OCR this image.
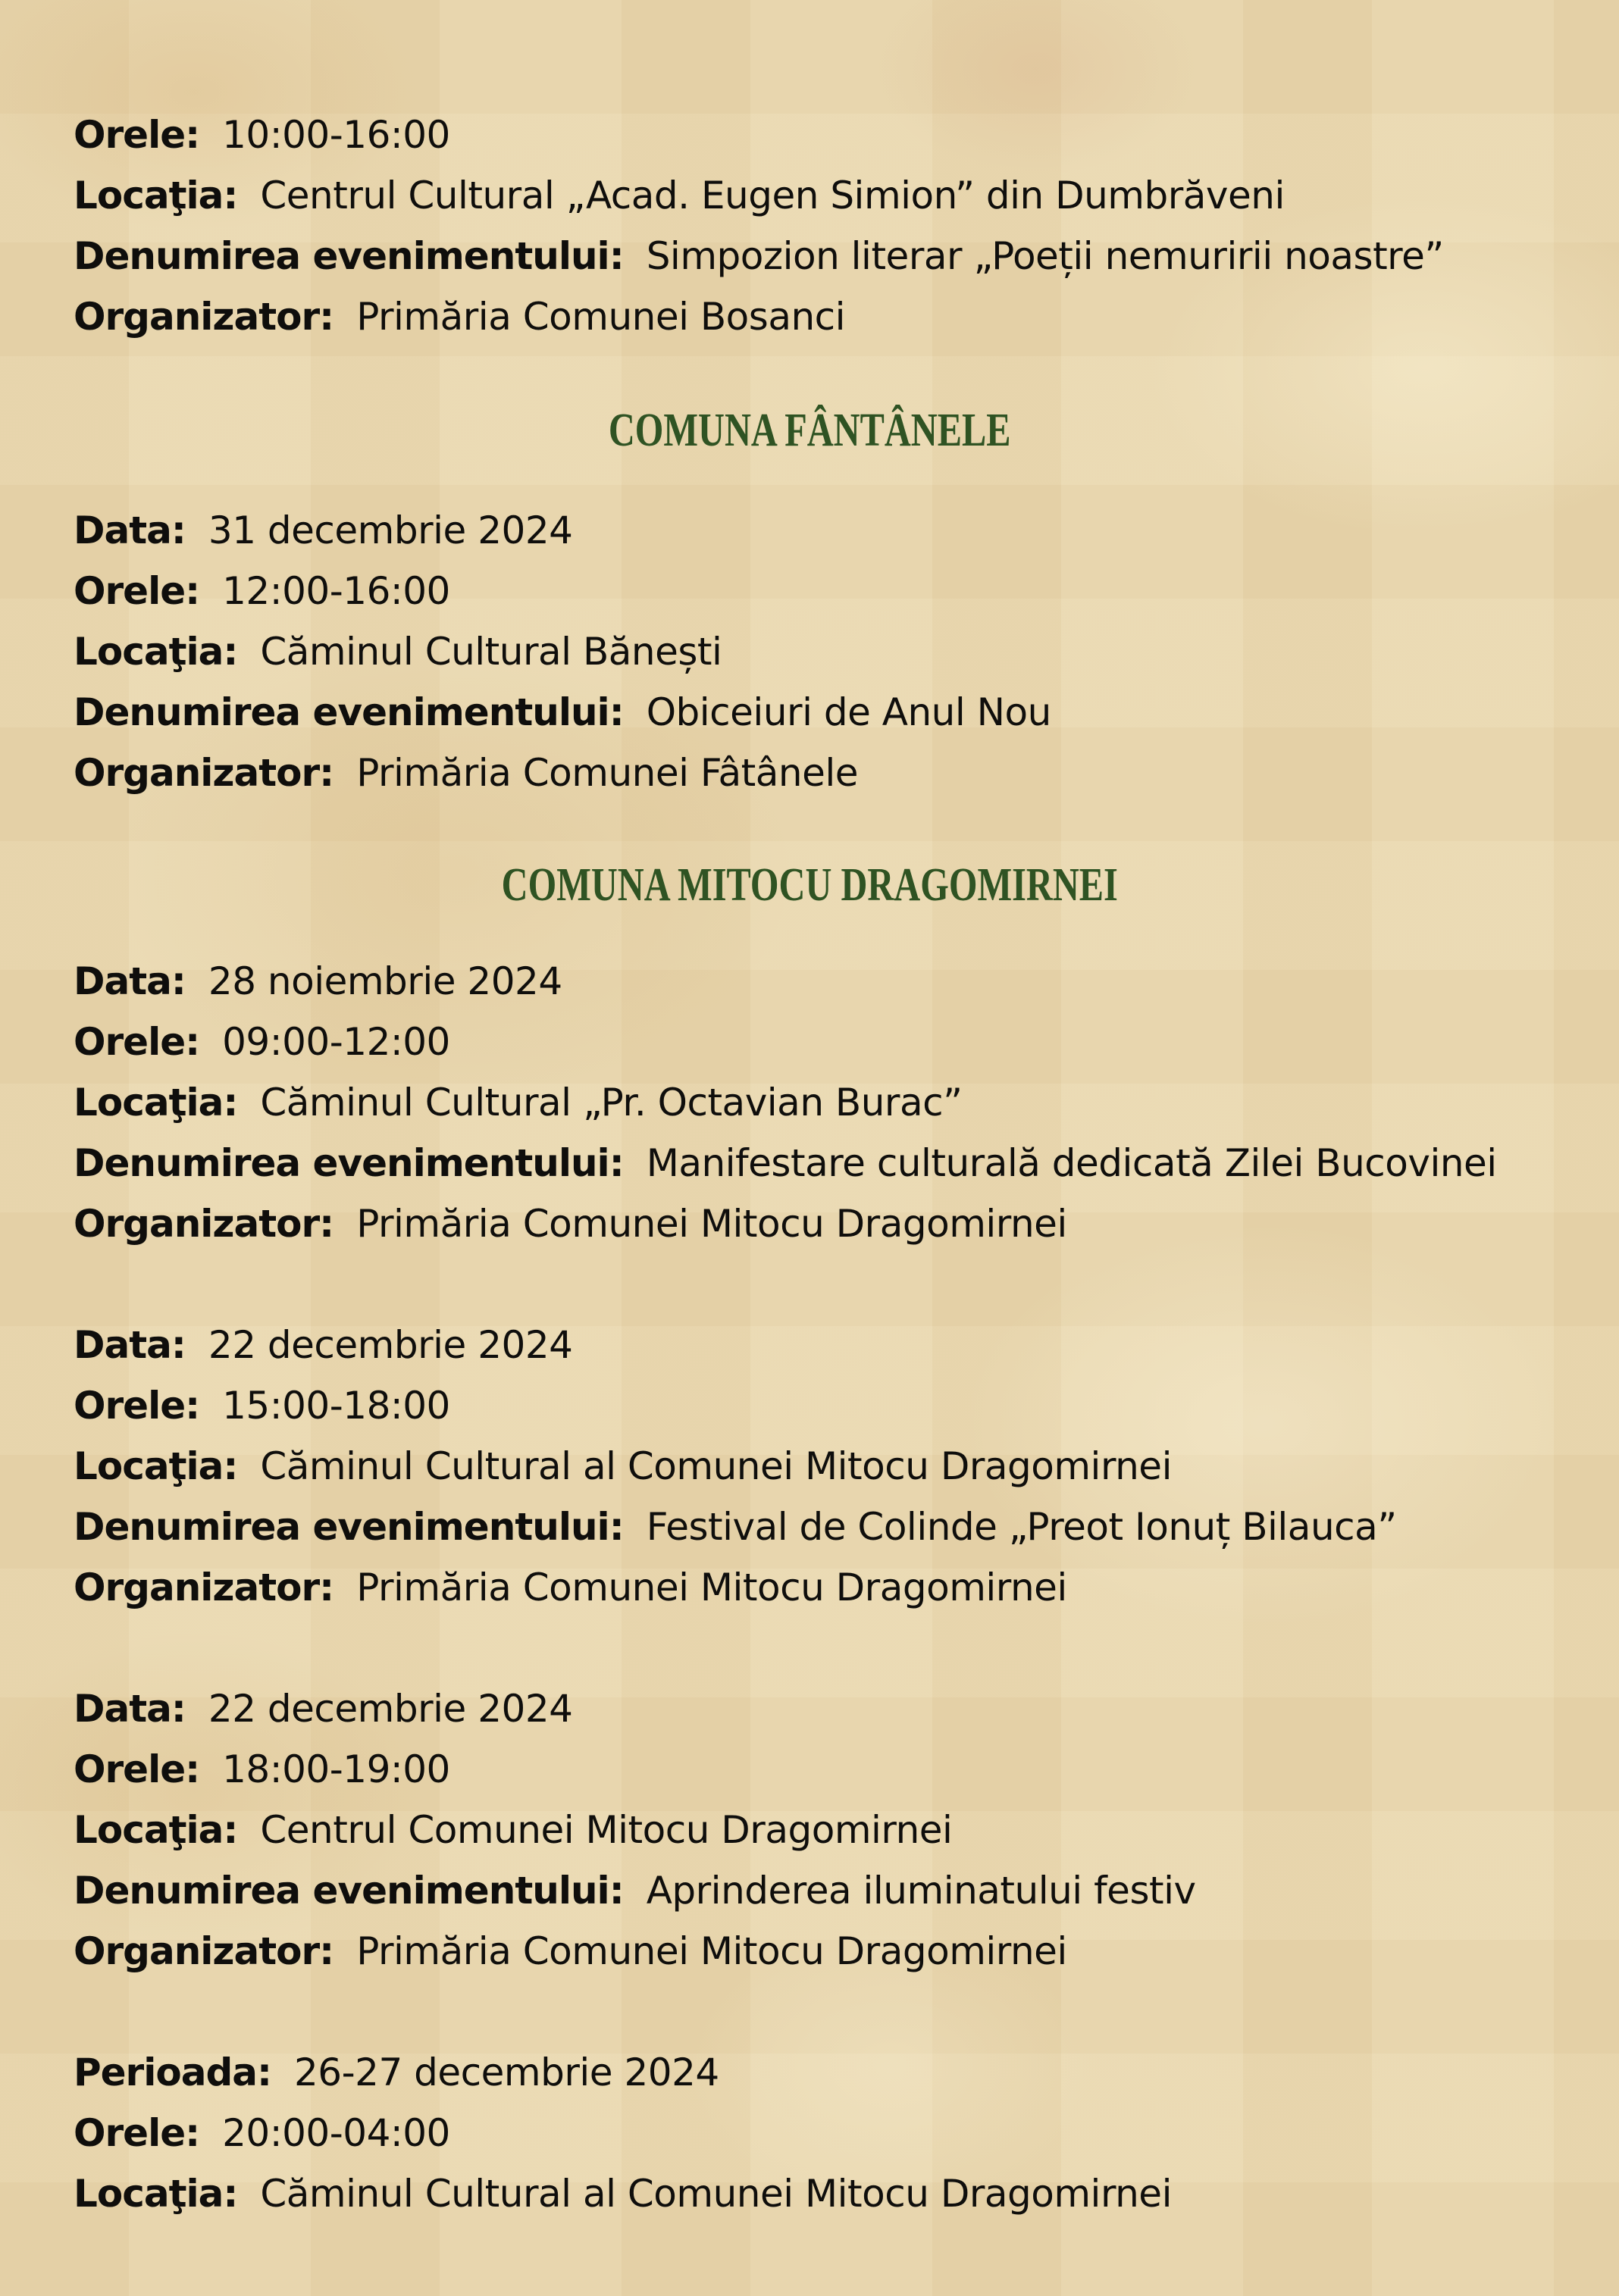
Orele: 10:00-16:00
Locaţia: Centrul Cultural „Acad. Eugen Simion” din Dumbrăveni
Denumirea evenimentului: Simpozion literar „Poeții nemuririi noastre”
Organizator: Primăria Comunei Bosanci
COMUNA FÂNTÂNELE
Data: 31 decembrie 2024
Orele: 12:00-16:00
Locaţia: Căminul Cultural Bănești
Denumirea evenimentului: Obiceiuri de Anul Nou
Organizator: Primăria Comunei Fâtânele
COMUNA MITOCU DRAGOMIRNEI
Data: 28 noiembrie 2024
Orele: 09:00-12:00
Locaţia: Căminul Cultural „Pr. Octavian Burac”
Denumirea evenimentului: Manifestare culturală dedicată Zilei Bucovinei
Organizator: Primăria Comunei Mitocu Dragomirnei
Data: 22 decembrie 2024
Orele: 15:00-18:00
Locaţia: Căminul Cultural al Comunei Mitocu Dragomirnei
Denumirea evenimentului: Festival de Colinde „Preot Ionuț Bilauca”
Organizator: Primăria Comunei Mitocu Dragomirnei
Data: 22 decembrie 2024
Orele: 18:00-19:00
Locaţia: Centrul Comunei Mitocu Dragomirnei
Denumirea evenimentului: Aprinderea iluminatului festiv
Organizator: Primăria Comunei Mitocu Dragomirnei
Perioada: 26-27 decembrie 2024
Orele: 20:00-04:00
Locaţia: Căminul Cultural al Comunei Mitocu Dragomirnei
